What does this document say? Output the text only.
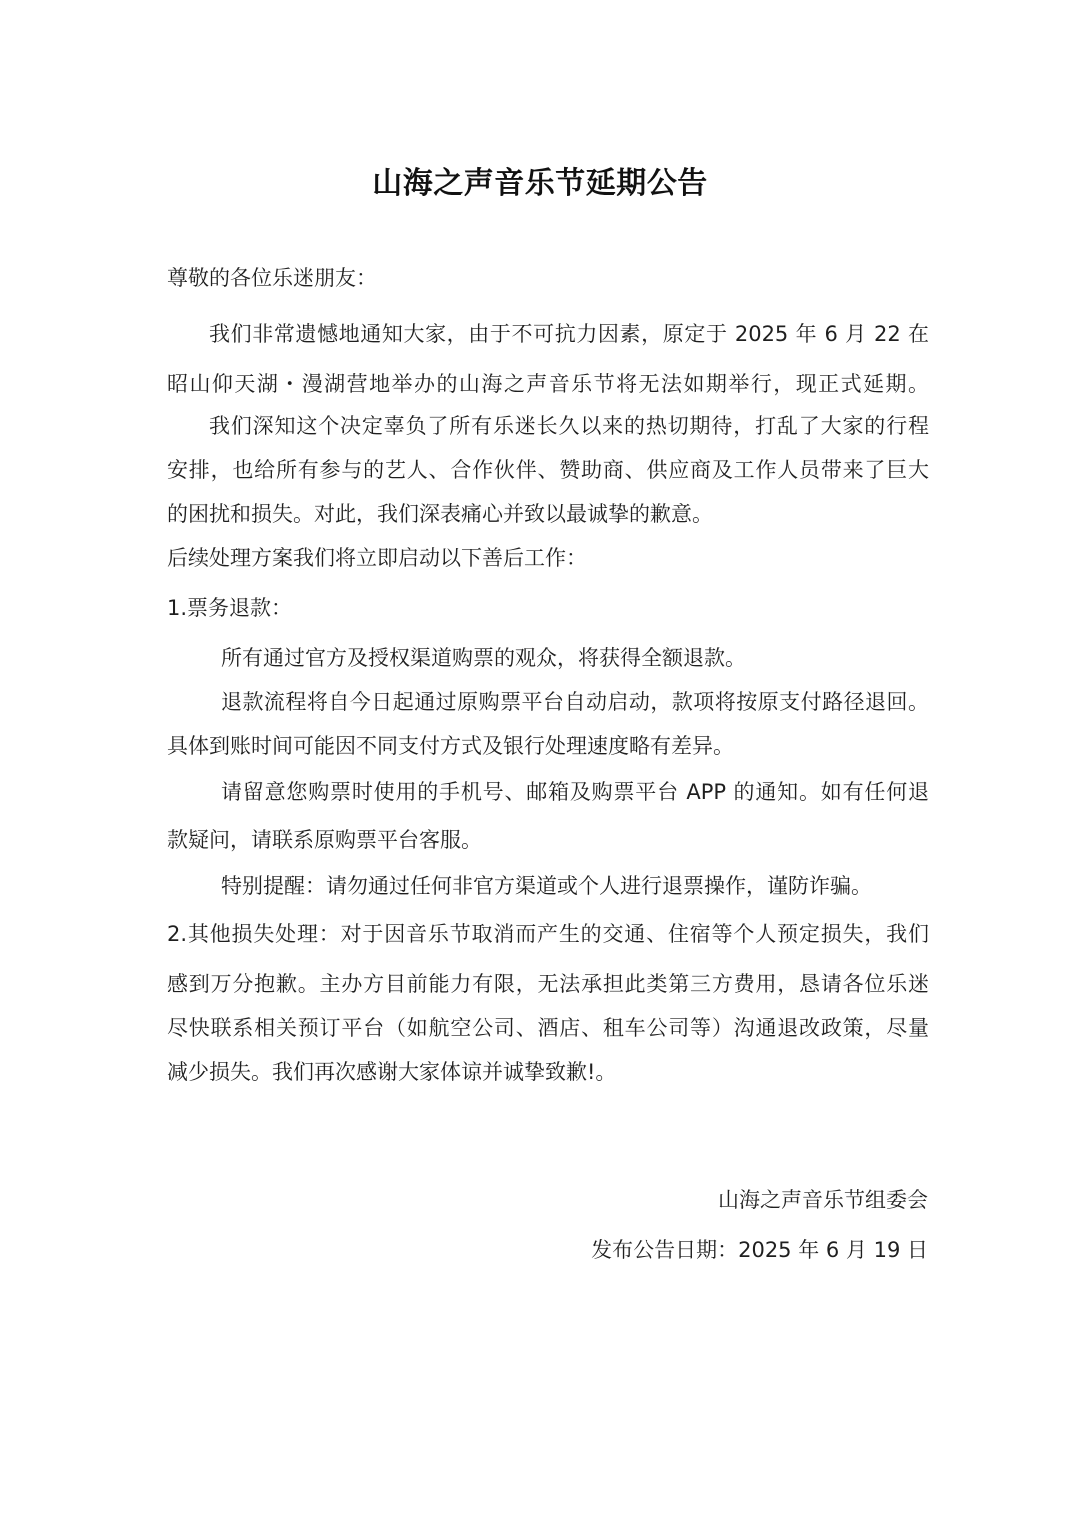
山海之声音乐节延期公告
尊敬的各位乐迷朋友：
我们非常遗憾地通知大家，由于不可抗力因素，原定于 2025 年 6 月 22 在
昭山仰天湖・漫湖营地举办的山海之声音乐节将无法如期举行，现正式延期。
我们深知这个决定辜负了所有乐迷长久以来的热切期待，打乱了大家的行程
安排，也给所有参与的艺人、合作伙伴、赞助商、供应商及工作人员带来了巨大
的困扰和损失。对此，我们深表痛心并致以最诚挚的歉意。
后续处理方案我们将立即启动以下善后工作：
1.票务退款：
所有通过官方及授权渠道购票的观众，将获得全额退款。
退款流程将自今日起通过原购票平台自动启动，款项将按原支付路径退回。
具体到账时间可能因不同支付方式及银行处理速度略有差异。
请留意您购票时使用的手机号、邮箱及购票平台 APP 的通知。如有任何退
款疑问，请联系原购票平台客服。
特别提醒：请勿通过任何非官方渠道或个人进行退票操作，谨防诈骗。
2.其他损失处理：对于因音乐节取消而产生的交通、住宿等个人预定损失，我们
感到万分抱歉。主办方目前能力有限，无法承担此类第三方费用，恳请各位乐迷
尽快联系相关预订平台（如航空公司、酒店、租车公司等）沟通退改政策，尽量
减少损失。我们再次感谢大家体谅并诚挚致歉!。
山海之声音乐节组委会
发布公告日期：2025 年 6 月 19 日
